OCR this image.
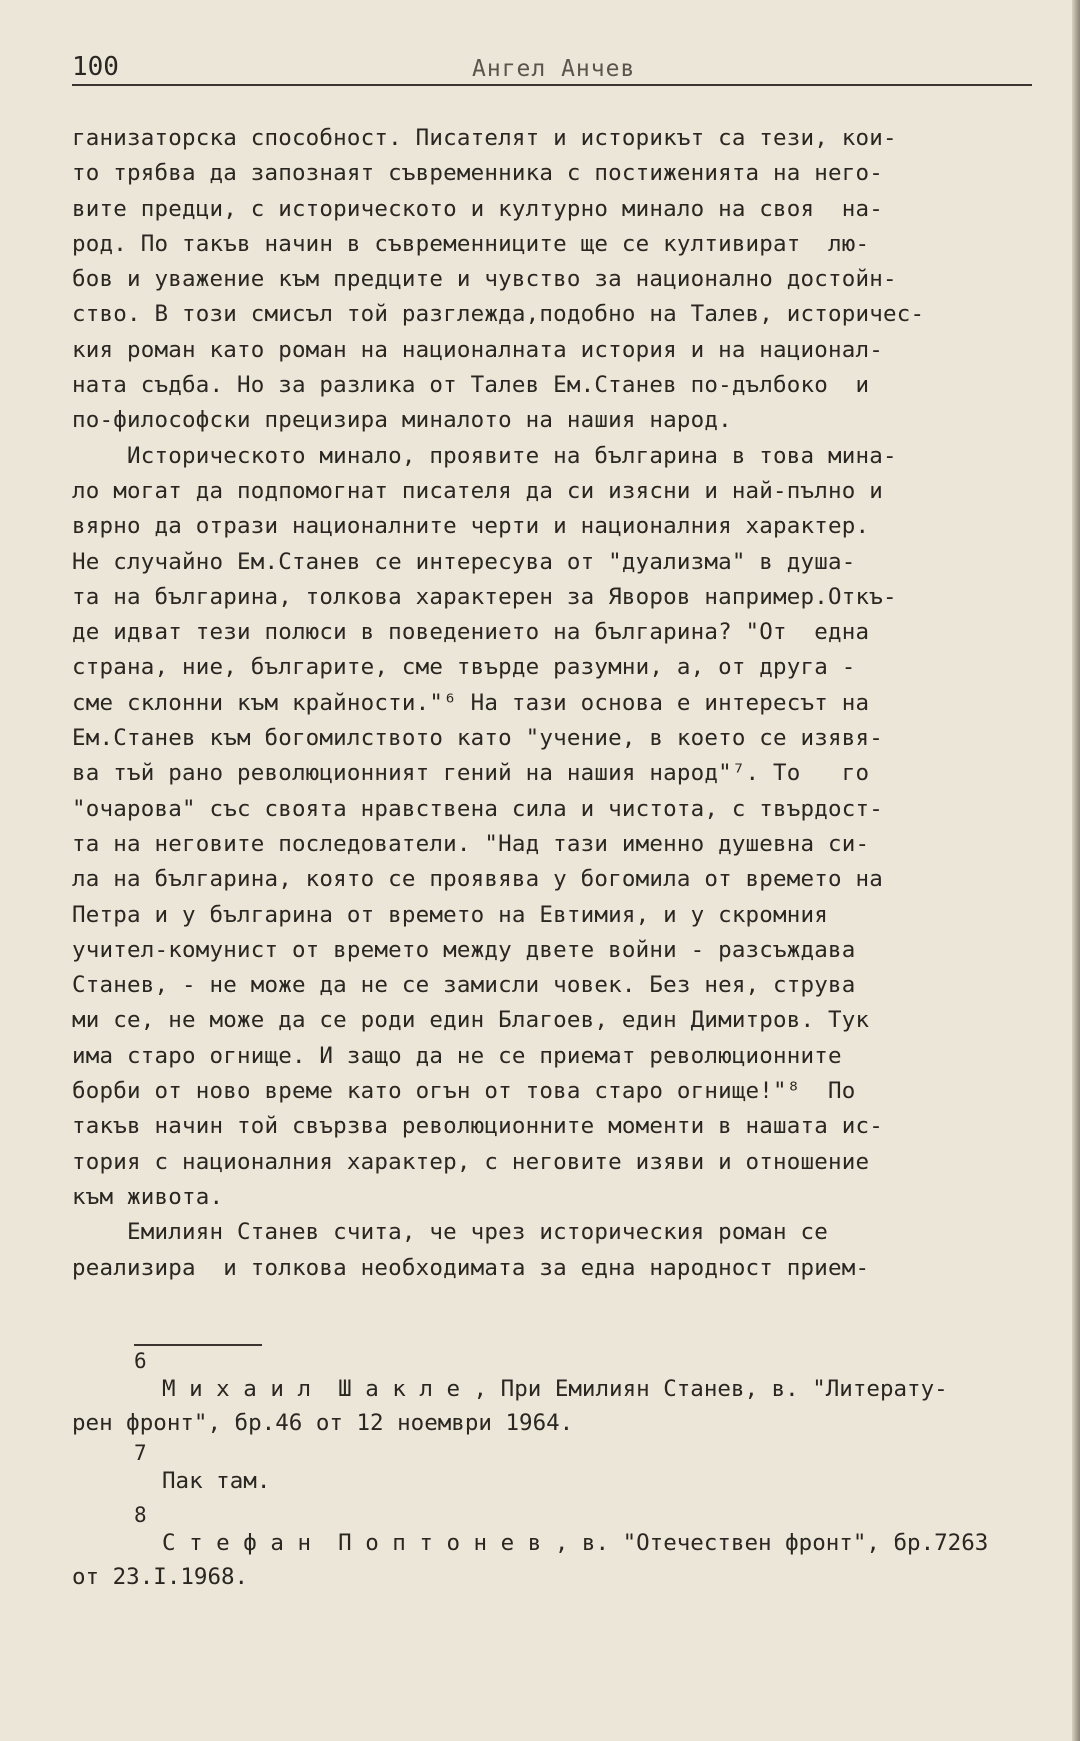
100	Ангел Анчев
ганизаторска способност. Писателят и историкът са тези, кои-
то трябва да запознаят съвременника с постиженията на него-
вите предци, с историческото и културно минало на своя  на-
род. По такъв начин в съвременниците ще се култивират  лю-
бов и уважение към предците и чувство за национално достойн-
ство. В този смисъл той разглежда,подобно на Талев, историчес-
кия роман като роман на националната история и на национал-
ната съдба. Но за разлика от Талев Ем.Станев по-дълбоко  и
по-философски прецизира миналото на нашия народ.
Историческото минало, проявите на българина в това мина-
ло могат да подпомогнат писателя да си изясни и най-пълно и
вярно да отрази националните черти и националния характер.
Не случайно Ем.Станев се интересува от "дуализма" в душа-
та на българина, толкова характерен за Яворов например.Откъ-
де идват тези полюси в поведението на българина? "От  една
страна, ние, българите, сме твърде разумни, а, от друга -
сме склонни към крайности."⁶ На тази основа е интересът на
Ем.Станев към богомилството като "учение, в което се изявя-
ва тъй рано революционният гений на нашия народ"⁷. То   го
"очарова" със своята нравствена сила и чистота, с твърдост-
та на неговите последователи. "Над тази именно душевна си-
ла на българина, която се проявява у богомила от времето на
Петра и у българина от времето на Евтимия, и у скромния
учител-комунист от времето между двете войни - разсъждава
Станев, - не може да не се замисли човек. Без нея, струва
ми се, не може да се роди един Благоев, един Димитров. Тук
има старо огнище. И защо да не се приемат революционните
борби от ново време като огън от това старо огнище!"⁸  По
такъв начин той свързва революционните моменти в нашата ис-
тория с националния характер, с неговите изяви и отношение
към живота.
Емилиян Станев счита, че чрез историческия роман се
реализира  и толкова необходимата за една народност прием-
6
М и х а и л  Ш а к л е , При Емилиян Станев, в. "Литерату-
рен фронт", бр.46 от 12 ноември 1964.
7
Пак там.
8
С т е ф а н  П о п т о н е в , в. "Отечествен фронт", бр.7263
от 23.I.1968.
